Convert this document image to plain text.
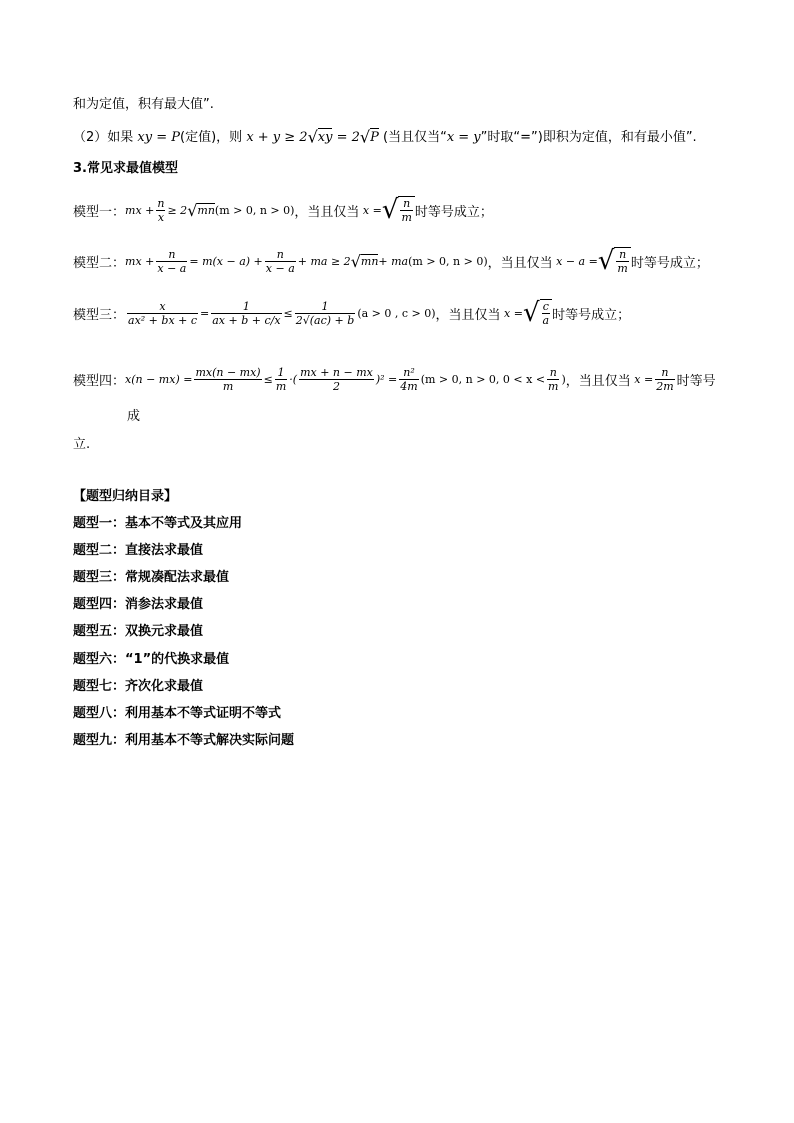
和为定值，积有最大值”.
（2）如果 xy = P(定值)，则 x + y ≥ 2√xy = 2√P (当且仅当“x = y”时取“=”)即积为定值，和有最小值”.
3.常见求最值模型
模型一： mx + $\frac{n}{x} \ge 2$ √mn (m > 0, n > 0) ，当且仅当 x = √ $\frac{n}{m}$ 时等号成立；
模型二： mx + $\frac{n}{x - a} = m(x - a) + \frac{n}{x - a}$ + ma ≥ 2 √mn + ma (m > 0, n > 0) ，当且仅当 x − a = √ $\frac{n}{m}$ 时等号成立；
模型三： $\frac{x}{\text{ax² + bx + c}} = \frac{1}{ax + b + c/x} \le \frac{1}{2√(ac) + b} (a > 0$ , c > 0) ，当且仅当 x = √ $\frac{c}{a}$ 时等号成立；
模型四： $x(n - mx) = \frac{mx(n - mx)}{m} \le \frac{1}{m}$ ·( $\frac{mx + n - mx}{2} )^2 = \frac{\text{n²}}{4m} (m > 0$, n > 0, $0 < x < \frac{n}{m}$ ) ，当且仅当 $x = \frac{n}{2m}$ 时等号
成
立.
【题型归纳目录】
题型一：基本不等式及其应用
题型二：直接法求最值
题型三：常规凑配法求最值
题型四：消参法求最值
题型五：双换元求最值
题型六：“1”的代换求最值
题型七：齐次化求最值
题型八：利用基本不等式证明不等式
题型九：利用基本不等式解决实际问题
